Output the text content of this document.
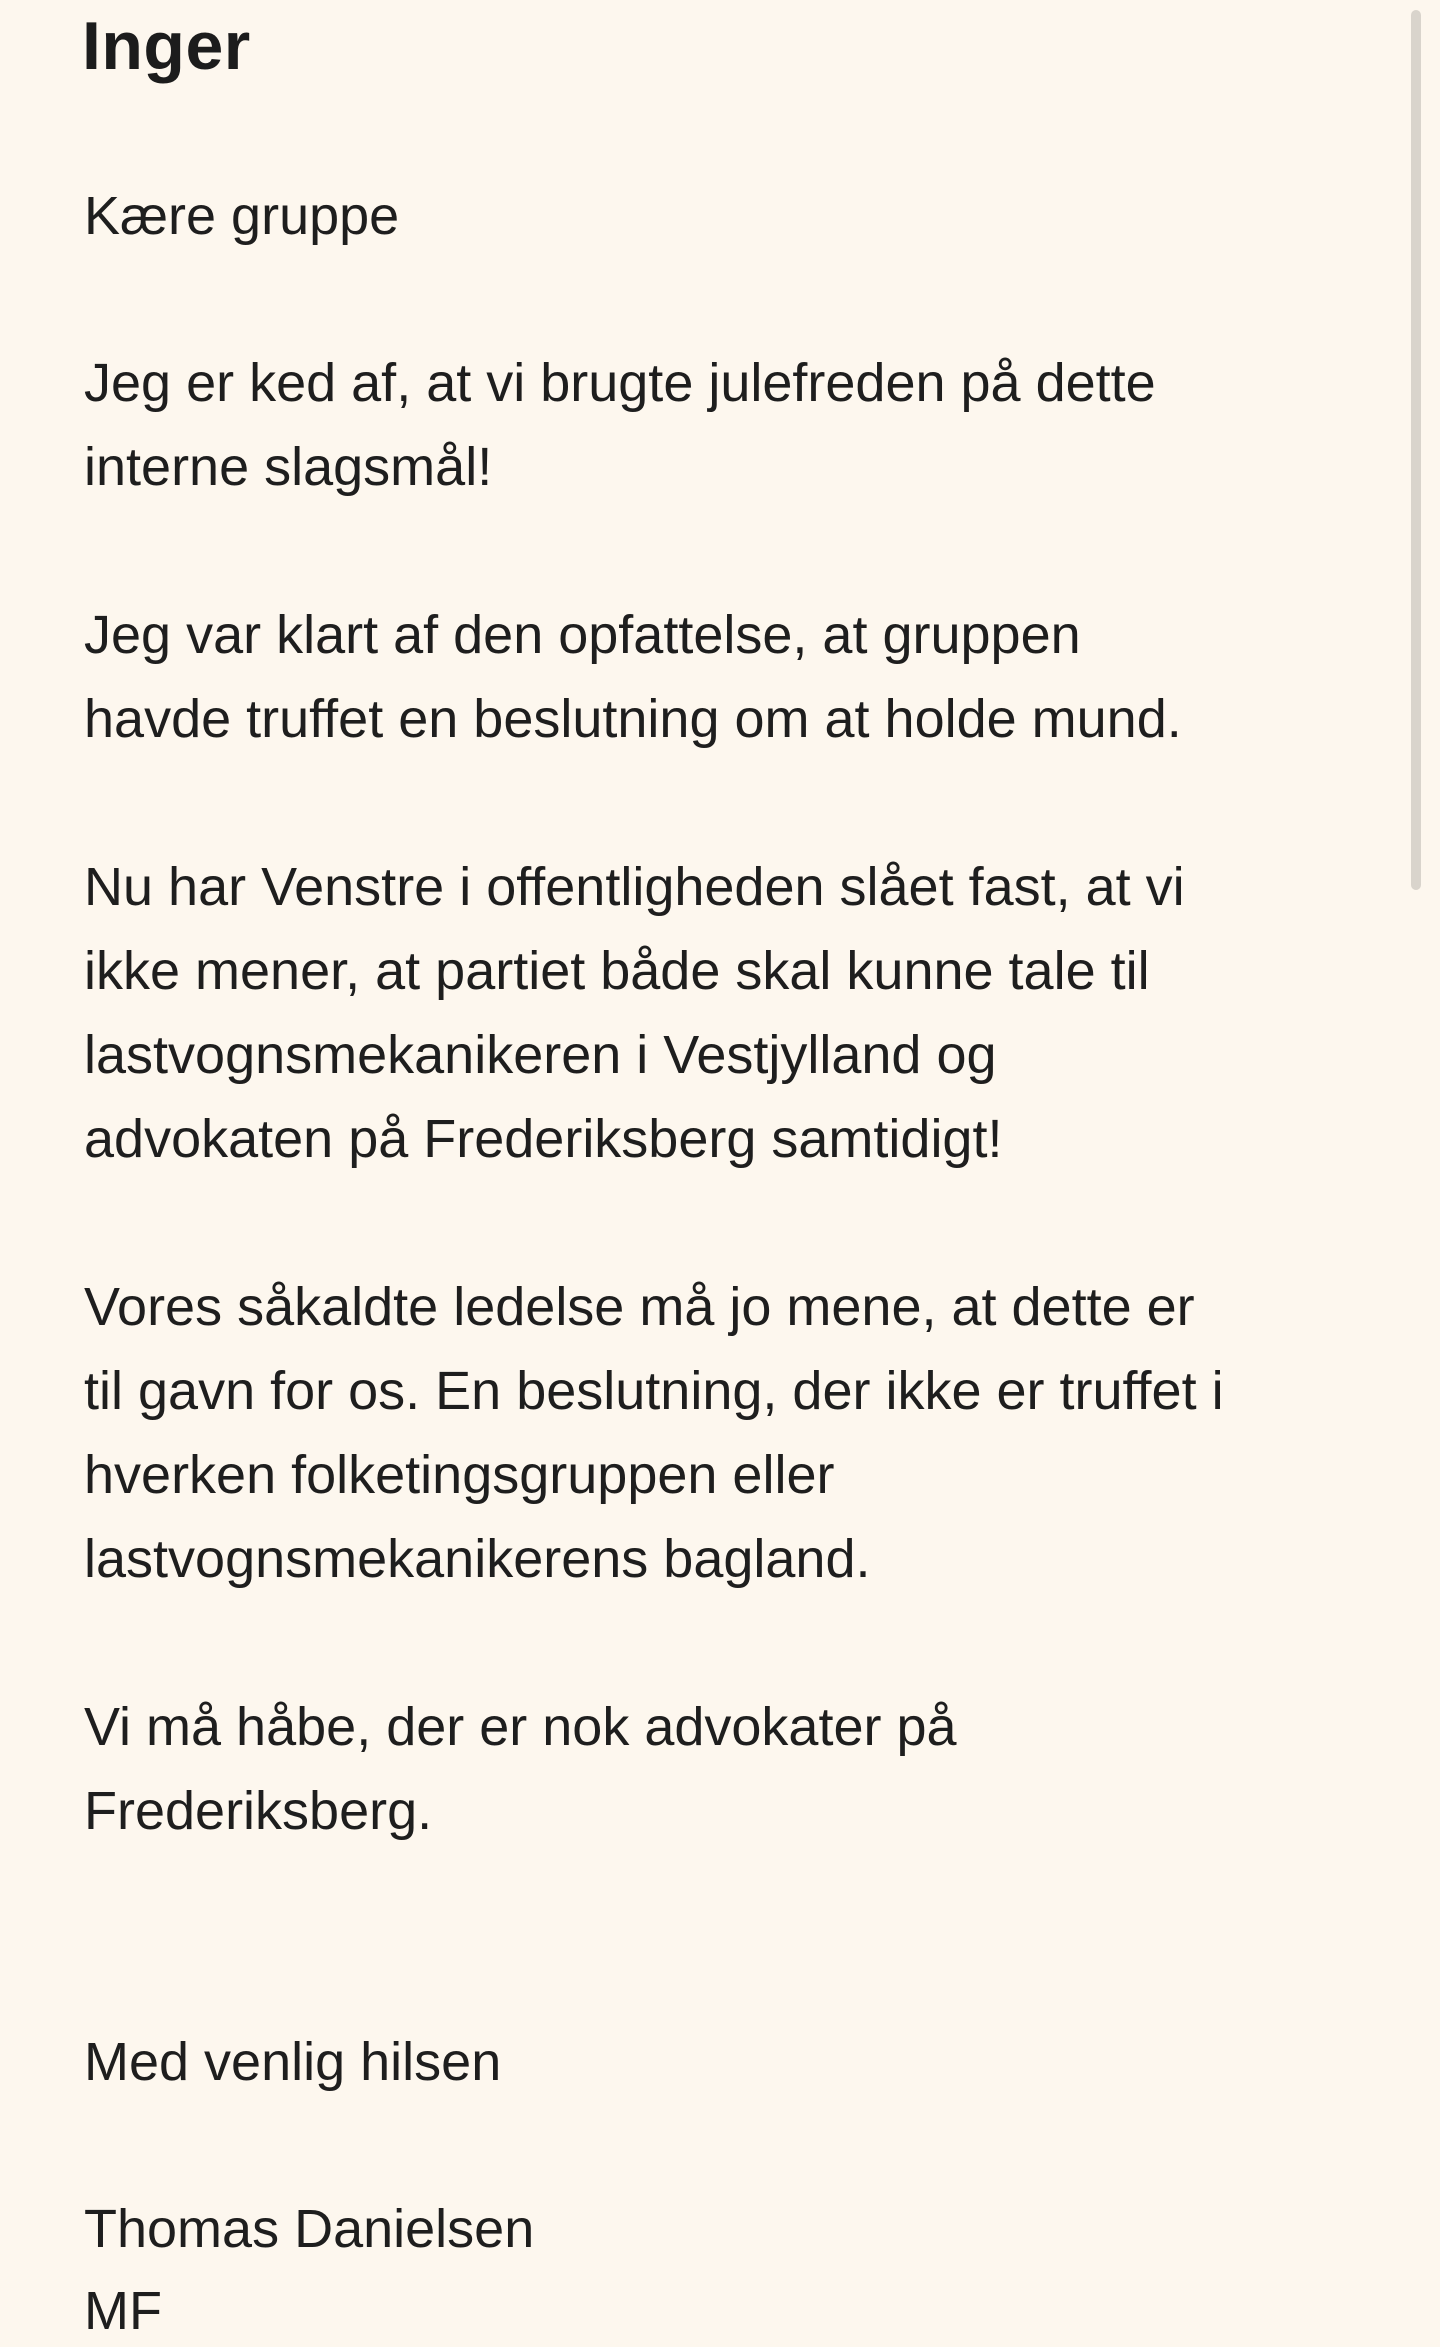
Inger

Kære gruppe

Jeg er ked af, at vi brugte julefreden på dette

interne slagsmål!

Jeg var klart af den opfattelse, at gruppen

havde truffet en beslutning om at holde mund.

Nu har Venstre i offentligheden slået fast, at vi

ikke mener, at partiet både skal kunne tale til

lastvognsmekanikeren i Vestjylland og

advokaten på Frederiksberg samtidigt!

Vores såkaldte ledelse må jo mene, at dette er

til gavn for os. En beslutning, der ikke er truffet i

hverken folketingsgruppen eller

lastvognsmekanikerens bagland.

Vi må håbe, der er nok advokater på

Frederiksberg.

Med venlig hilsen

Thomas Danielsen

MF
